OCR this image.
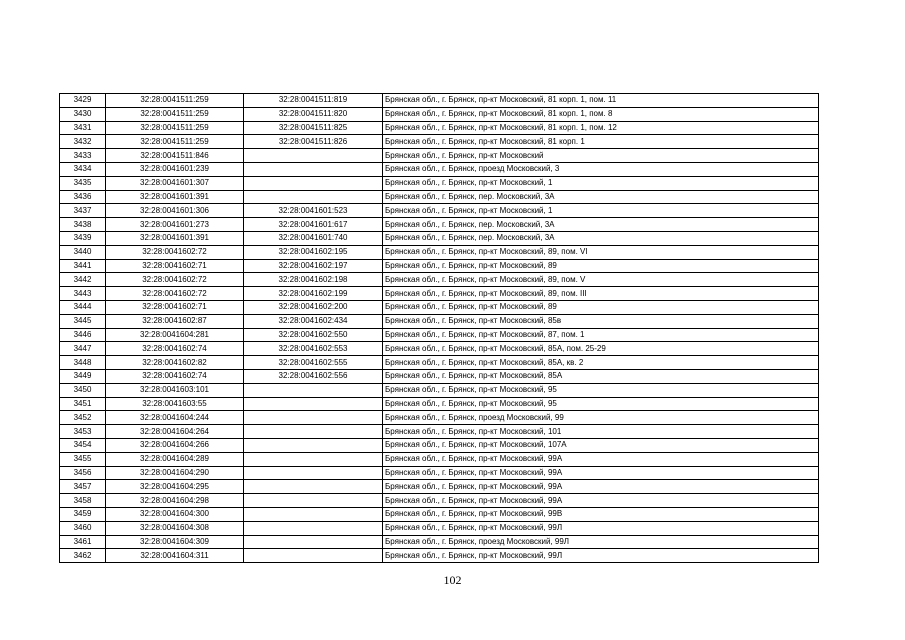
3429	32:28:0041511:259	32:28:0041511:819	Брянская обл., г. Брянск, пр-кт Московский, 81 корп. 1, пом. 11
3430	32:28:0041511:259	32:28:0041511:820	Брянская обл., г. Брянск, пр-кт Московский, 81 корп. 1, пом. 8
3431	32:28:0041511:259	32:28:0041511:825	Брянская обл., г. Брянск, пр-кт Московский, 81 корп. 1, пом. 12
3432	32:28:0041511:259	32:28:0041511:826	Брянская обл., г. Брянск, пр-кт Московский, 81 корп. 1
3433	32:28:0041511:846		Брянская обл., г. Брянск, пр-кт Московский
3434	32:28:0041601:239		Брянская обл., г. Брянск, проезд Московский, 3
3435	32:28:0041601:307		Брянская обл., г. Брянск, пр-кт Московский, 1
3436	32:28:0041601:391		Брянская обл., г. Брянск, пер. Московский, 3А
3437	32:28:0041601:306	32:28:0041601:523	Брянская обл., г. Брянск, пр-кт Московский, 1
3438	32:28:0041601:273	32:28:0041601:617	Брянская обл., г. Брянск, пер. Московский, 3А
3439	32:28:0041601:391	32:28:0041601:740	Брянская обл., г. Брянск, пер. Московский, 3А
3440	32:28:0041602:72	32:28:0041602:195	Брянская обл., г. Брянск, пр-кт Московский, 89, пом. VI
3441	32:28:0041602:71	32:28:0041602:197	Брянская обл., г. Брянск, пр-кт Московский, 89
3442	32:28:0041602:72	32:28:0041602:198	Брянская обл., г. Брянск, пр-кт Московский, 89, пом. V
3443	32:28:0041602:72	32:28:0041602:199	Брянская обл., г. Брянск, пр-кт Московский, 89, пом. III
3444	32:28:0041602:71	32:28:0041602:200	Брянская обл., г. Брянск, пр-кт Московский, 89
3445	32:28:0041602:87	32:28:0041602:434	Брянская обл., г. Брянск, пр-кт Московский, 85в
3446	32:28:0041604:281	32:28:0041602:550	Брянская обл., г. Брянск, пр-кт Московский, 87, пом. 1
3447	32:28:0041602:74	32:28:0041602:553	Брянская обл., г. Брянск, пр-кт Московский, 85А, пом. 25-29
3448	32:28:0041602:82	32:28:0041602:555	Брянская обл., г. Брянск, пр-кт Московский, 85А, кв. 2
3449	32:28:0041602:74	32:28:0041602:556	Брянская обл., г. Брянск, пр-кт Московский, 85А
3450	32:28:0041603:101		Брянская обл., г. Брянск, пр-кт Московский, 95
3451	32:28:0041603:55		Брянская обл., г. Брянск, пр-кт Московский, 95
3452	32:28:0041604:244		Брянская обл., г. Брянск, проезд Московский, 99
3453	32:28:0041604:264		Брянская обл., г. Брянск, пр-кт Московский, 101
3454	32:28:0041604:266		Брянская обл., г. Брянск, пр-кт Московский, 107А
3455	32:28:0041604:289		Брянская обл., г. Брянск, пр-кт Московский, 99А
3456	32:28:0041604:290		Брянская обл., г. Брянск, пр-кт Московский, 99А
3457	32:28:0041604:295		Брянская обл., г. Брянск, пр-кт Московский, 99А
3458	32:28:0041604:298		Брянская обл., г. Брянск, пр-кт Московский, 99А
3459	32:28:0041604:300		Брянская обл., г. Брянск, пр-кт Московский, 99В
3460	32:28:0041604:308		Брянская обл., г. Брянск, пр-кт Московский, 99Л
3461	32:28:0041604:309		Брянская обл., г. Брянск, проезд Московский, 99Л
3462	32:28:0041604:311		Брянская обл., г. Брянск, пр-кт Московский, 99Л
102
